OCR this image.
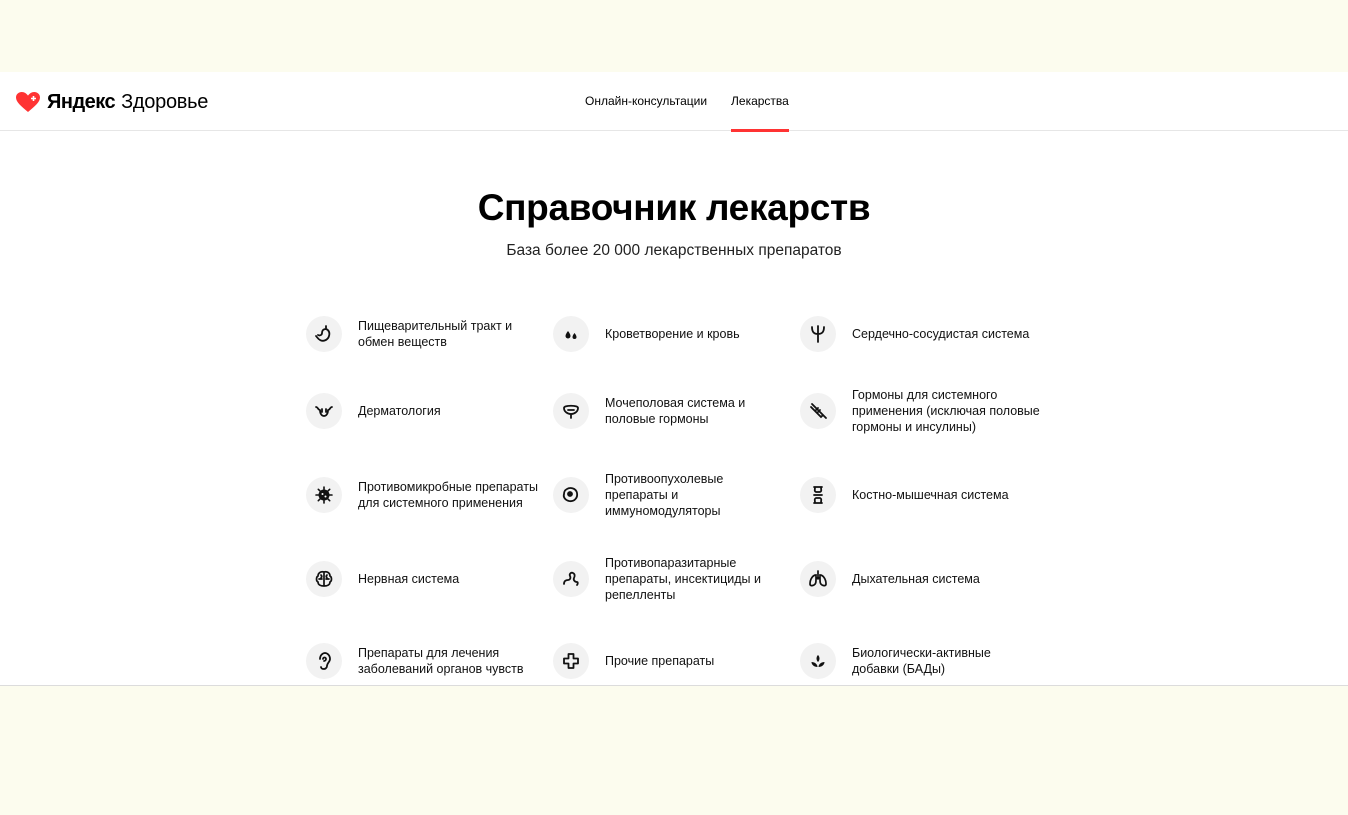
Яндекс Здоровье	Онлайн-консультации Лекарства
Справочник лекарств
База более 20 000 лекарственных препаратов
Пищеварительный тракт и обмен веществ
Кроветворение и кровь	Сердечно-сосудистая система
Дерматология
Мочеполовая система и половые гормоны
Гормоны для системного применения (исключая половые гормоны и инсулины)
Противомикробные препараты для системного применения
Противоопухолевые препараты и иммуномодуляторы
Костно-мышечная система
Нервная система
Противопаразитарные препараты, инсектициды и репелленты
Дыхательная система
Препараты для лечения заболеваний органов чувств
Прочие препараты
Биологически-активные добавки (БАДы)
